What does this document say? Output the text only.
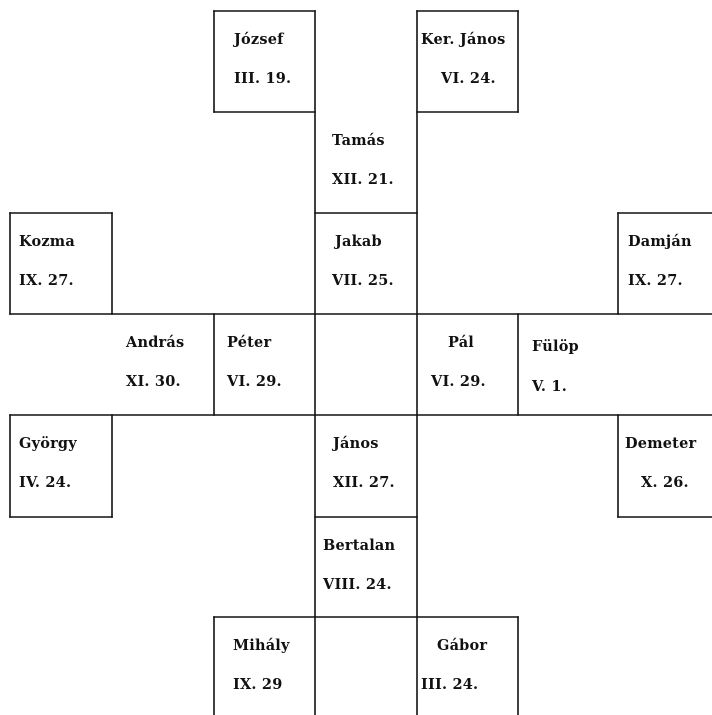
József
III. 19.
Ker. János
VI. 24.
Tamás
XII. 21.
Kozma
IX. 27.
Jakab
VII. 25.
Damján
IX. 27.
András
XI. 30.
Péter
VI. 29.
Pál
VI. 29.
Fülöp
V. 1.
György
IV. 24.
János
XII. 27.
Demeter
X. 26.
Bertalan
VIII. 24.
Mihály
IX. 29
Gábor
III. 24.
